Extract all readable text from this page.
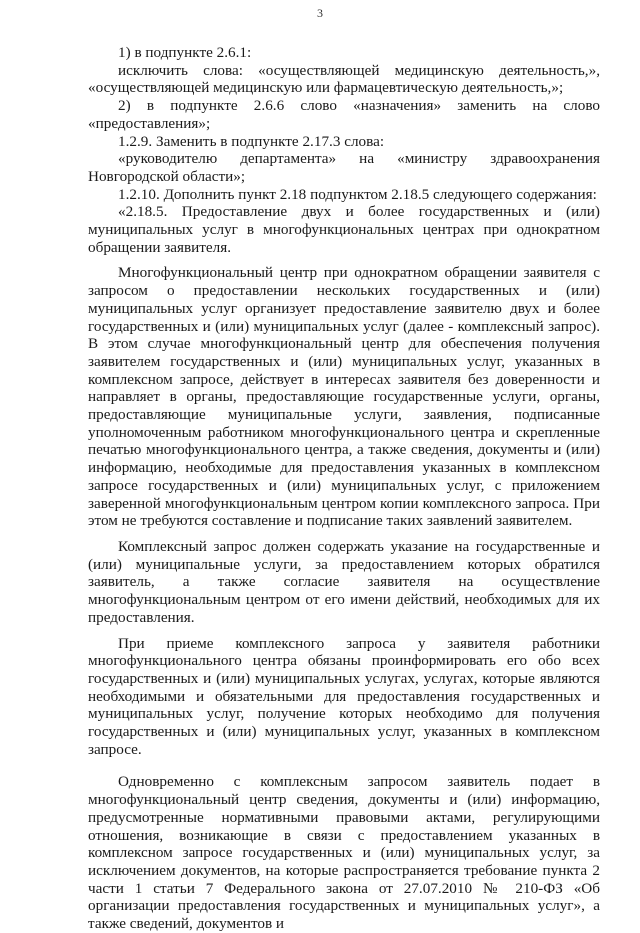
3

1) в подпункте 2.6.1:

исключить слова: «осуществляющей медицинскую деятельность,», «осуществляющей медицинскую или фармацевтическую деятельность,»;

2) в подпункте 2.6.6 слово «назначения» заменить на слово «предоставления»;

1.2.9. Заменить в подпункте 2.17.3 слова:

«руководителю департамента» на «министру здравоохранения Новгородской области»;

1.2.10. Дополнить пункт 2.18 подпунктом 2.18.5 следующего содержания:

«2.18.5. Предоставление двух и более государственных и (или) муниципальных услуг в многофункциональных центрах при однократном обращении заявителя.

Многофункциональный центр при однократном обращении заявителя с запросом о предоставлении нескольких государственных и (или) муниципальных услуг организует предоставление заявителю двух и более государственных и (или) муниципальных услуг (далее - комплексный запрос). В этом случае многофункциональный центр для обеспечения получения заявителем государственных и (или) муниципальных услуг, указанных в комплексном запросе, действует в интересах заявителя без доверенности и направляет в органы, предоставляющие государственные услуги, органы, предоставляющие муниципальные услуги, заявления, подписанные уполномоченным работником многофункционального центра и скрепленные печатью многофункционального центра, а также сведения, документы и (или) информацию, необходимые для предоставления указанных в комплексном запросе государственных и (или) муниципальных услуг, с приложением заверенной многофункциональным центром копии комплексного запроса. При этом не требуются составление и подписание таких заявлений заявителем.

Комплексный запрос должен содержать указание на государственные и (или) муниципальные услуги, за предоставлением которых обратился заявитель, а также согласие заявителя на осуществление многофункциональным центром от его имени действий, необходимых для их предоставления.

При приеме комплексного запроса у заявителя работники многофункционального центра обязаны проинформировать его обо всех государственных и (или) муниципальных услугах, услугах, которые являются необходимыми и обязательными для предоставления государственных и муниципальных услуг, получение которых необходимо для получения государственных и (или) муниципальных услуг, указанных в комплексном запросе.

Одновременно с комплексным запросом заявитель подает в многофункциональный центр сведения, документы и (или) информацию, предусмотренные нормативными правовыми актами, регулирующими отношения, возникающие в связи с предоставлением указанных в комплексном запросе государственных и (или) муниципальных услуг, за исключением документов, на которые распространяется требование пункта 2 части 1 статьи 7 Федерального закона от 27.07.2010 № 210-ФЗ «Об организации предоставления государственных и муниципальных услуг», а также сведений, документов и
